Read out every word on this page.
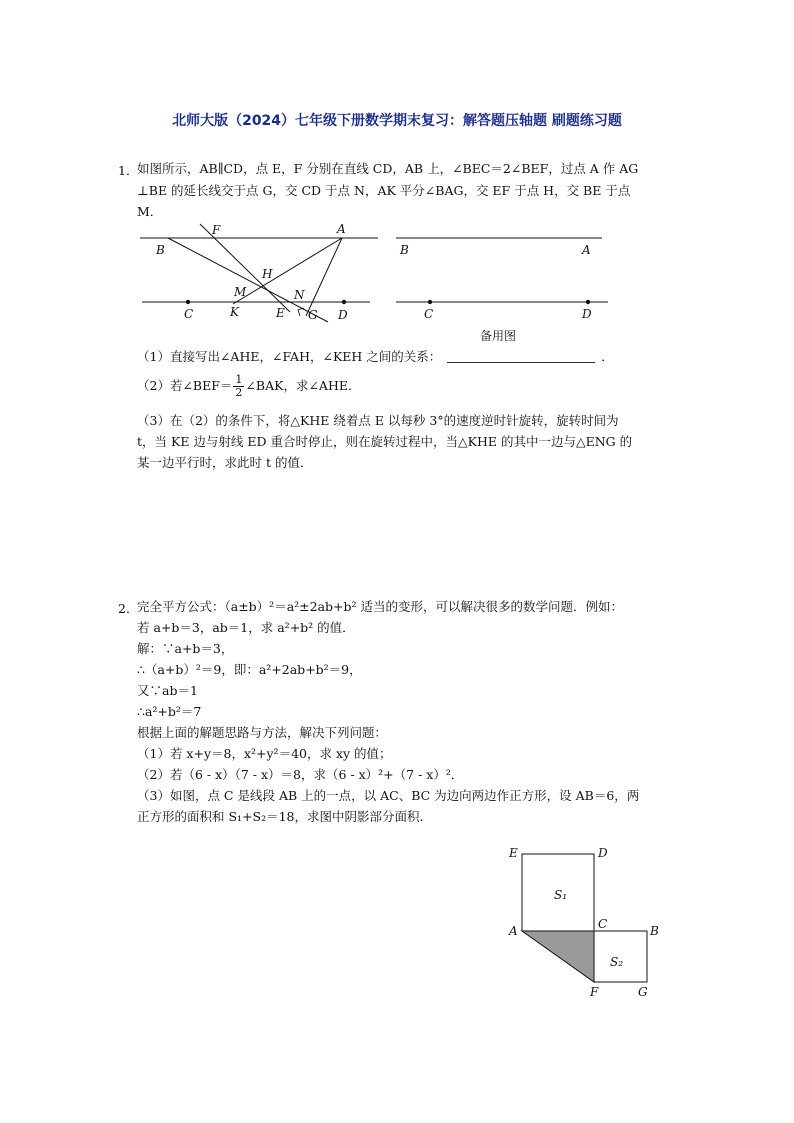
北师大版（2024）七年级下册数学期末复习：解答题压轴题 刷题练习题
1．
如图所示，AB∥CD，点 E，F 分别在直线 CD，AB 上，∠BEC＝2∠BEF，过点 A 作 AG
⊥BE 的延长线交于点 G，交 CD 于点 N，AK 平分∠BAG，交 EF 于点 H，交 BE 于点
M．
F	A
B
H
M	N
C	K	E G D
B	A
C	D
备用图
（1）直接写出∠AHE，∠FAH，∠KEH 之间的关系：	．
（2）若∠BEF＝ $\frac{1}{2}$ ∠BAK，求∠AHE．
（3）在（2）的条件下，将△KHE 绕着点 E 以每秒 3°的速度逆时针旋转，旋转时间为
t，当 KE 边与射线 ED 重合时停止，则在旋转过程中，当△KHE 的其中一边与△ENG 的
某一边平行时，求此时 t 的值．
2．
完全平方公式：（a±b）²＝a²±2ab+b² 适当的变形，可以解决很多的数学问题．例如：
若 a+b＝3，ab＝1，求 a²+b² 的值．
解：∵a+b＝3，
∴（a+b）²＝9，即：a²+2ab+b²＝9，
又∵ab＝1
∴a²+b²＝7
根据上面的解题思路与方法，解决下列问题：
（1）若 x+y＝8，x²+y²＝40，求 xy 的值；
（2）若（6 - x）（7 - x）＝8，求（6 - x）²+（7 - x）²．
（3）如图，点 C 是线段 AB 上的一点，以 AC、BC 为边向两边作正方形，设 AB＝6，两
正方形的面积和 S₁+S₂＝18，求图中阴影部分面积．
E	D
S₁
A	C	B
S₂
F	G
